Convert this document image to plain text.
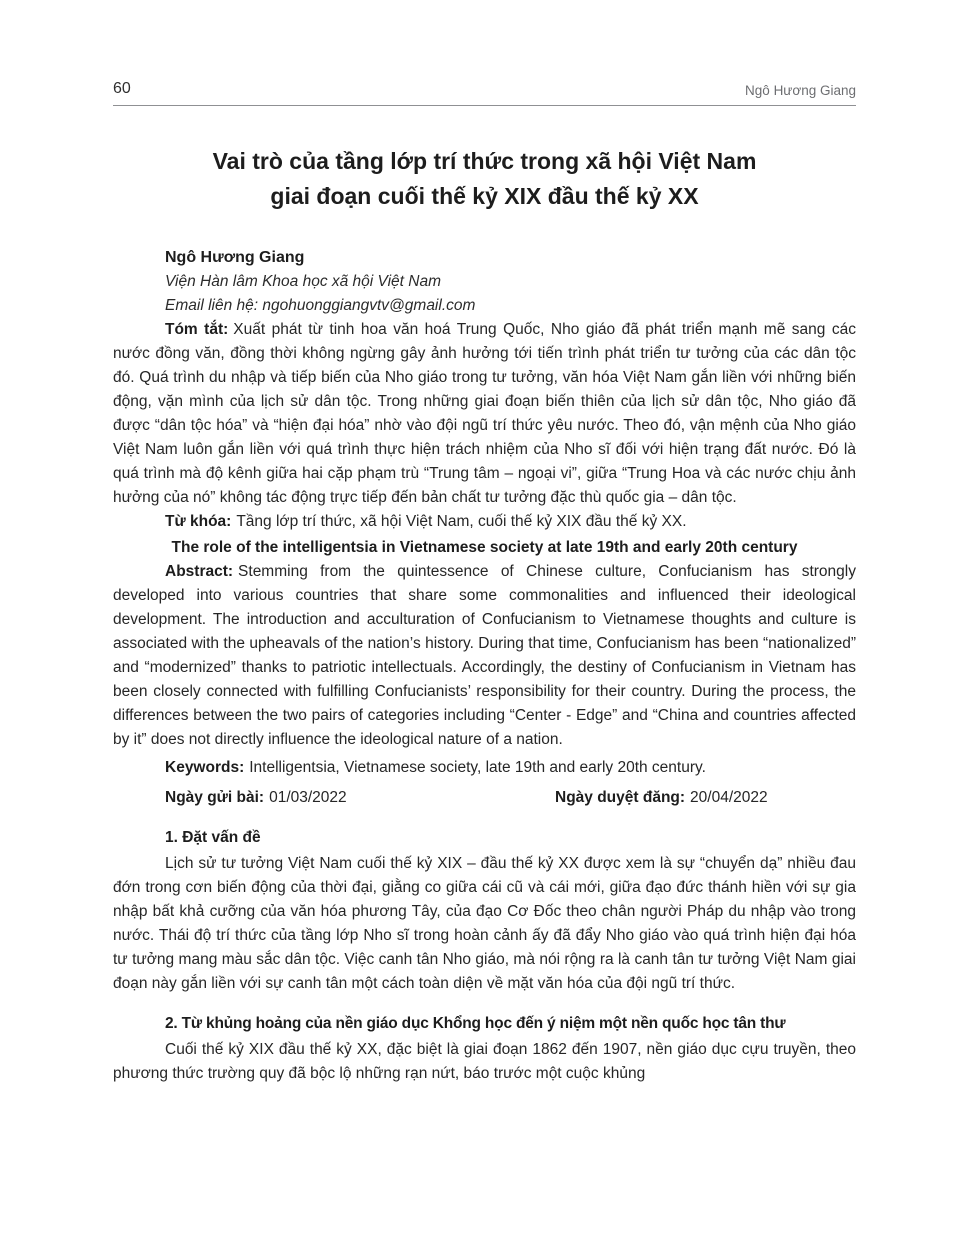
60	Ngô Hương Giang
Vai trò của tầng lớp trí thức trong xã hội Việt Nam
giai đoạn cuối thế kỷ XIX đầu thế kỷ XX
Ngô Hương Giang
Viện Hàn lâm Khoa học xã hội Việt Nam
Email liên hệ: ngohuonggiangvtv@gmail.com

Tóm tắt: Xuất phát từ tinh hoa văn hoá Trung Quốc, Nho giáo đã phát triển mạnh mẽ sang các nước đồng văn, đồng thời không ngừng gây ảnh hưởng tới tiến trình phát triển tư tưởng của các dân tộc đó. Quá trình du nhập và tiếp biến của Nho giáo trong tư tưởng, văn hóa Việt Nam gắn liền với những biến động, vặn mình của lịch sử dân tộc. Trong những giai đoạn biến thiên của lịch sử dân tộc, Nho giáo đã được “dân tộc hóa” và “hiện đại hóa” nhờ vào đội ngũ trí thức yêu nước. Theo đó, vận mệnh của Nho giáo Việt Nam luôn gắn liền với quá trình thực hiện trách nhiệm của Nho sĩ đối với hiện trạng đất nước. Đó là quá trình mà độ kênh giữa hai cặp phạm trù “Trung tâm – ngoại vi”, giữa “Trung Hoa và các nước chịu ảnh hưởng của nó” không tác động trực tiếp đến bản chất tư tưởng đặc thù quốc gia – dân tộc.

Từ khóa: Tầng lớp trí thức, xã hội Việt Nam, cuối thế kỷ XIX đầu thế kỷ XX.

The role of the intelligentsia in Vietnamese society at late 19th and early 20th century

Abstract: Stemming from the quintessence of Chinese culture, Confucianism has strongly developed into various countries that share some commonalities and influenced their ideological development. The introduction and acculturation of Confucianism to Vietnamese thoughts and culture is associated with the upheavals of the nation’s history. During that time, Confucianism has been “nationalized” and “modernized” thanks to patriotic intellectuals. Accordingly, the destiny of Confucianism in Vietnam has been closely connected with fulfilling Confucianists’ responsibility for their country. During the process, the differences between the two pairs of categories including “Center - Edge” and “China and countries affected by it” does not directly influence the ideological nature of a nation.

Keywords: Intelligentsia, Vietnamese society, late 19th and early 20th century.

Ngày gửi bài: 01/03/2022	Ngày duyệt đăng: 20/04/2022
1. Đặt vấn đề

Lịch sử tư tưởng Việt Nam cuối thế kỷ XIX – đầu thế kỷ XX được xem là sự “chuyển dạ” nhiều đau đớn trong cơn biến động của thời đại, giằng co giữa cái cũ và cái mới, giữa đạo đức thánh hiền với sự gia nhập bất khả cưỡng của văn hóa phương Tây, của đạo Cơ Đốc theo chân người Pháp du nhập vào trong nước. Thái độ trí thức của tầng lớp Nho sĩ trong hoàn cảnh ấy đã đẩy Nho giáo vào quá trình hiện đại hóa tư tưởng mang màu sắc dân tộc. Việc canh tân Nho giáo, mà nói rộng ra là canh tân tư tưởng Việt Nam giai đoạn này gắn liền với sự canh tân một cách toàn diện về mặt văn hóa của đội ngũ trí thức.

2. Từ khủng hoảng của nền giáo dục Khổng học đến ý niệm một nền quốc học tân thư

Cuối thế kỷ XIX đầu thế kỷ XX, đặc biệt là giai đoạn 1862 đến 1907, nền giáo dục cựu truyền, theo phương thức trường quy đã bộc lộ những rạn nứt, báo trước một cuộc khủng
